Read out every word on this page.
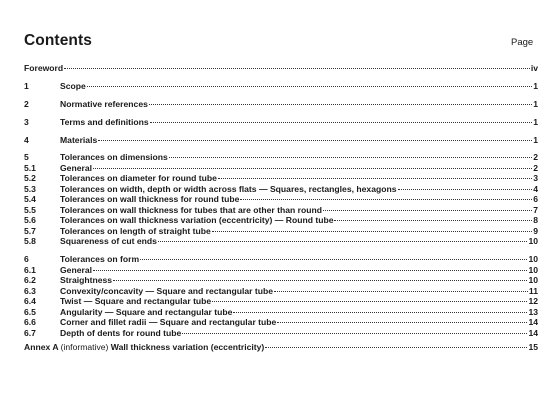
Contents	Page
Foreword	iv
1	Scope	1
2	Normative references	1
3	Terms and definitions	1
4	Materials	1
5	Tolerances on dimensions	2
5.1	General	2
5.2	Tolerances on diameter for round tube	3
5.3	Tolerances on width, depth or width across flats — Squares, rectangles, hexagons	4
5.4	Tolerances on wall thickness for round tube	6
5.5	Tolerances on wall thickness for tubes that are other than round	7
5.6	Tolerances on wall thickness variation (eccentricity) — Round tube	8
5.7	Tolerances on length of straight tube	9
5.8	Squareness of cut ends	10
6	Tolerances on form	10
6.1	General	10
6.2	Straightness	10
6.3	Convexity/concavity — Square and rectangular tube	11
6.4	Twist — Square and rectangular tube	12
6.5	Angularity — Square and rectangular tube	13
6.6	Corner and fillet radii — Square and rectangular tube	14
6.7	Depth of dents for round tube	14
Annex A (informative) Wall thickness variation (eccentricity)	15
